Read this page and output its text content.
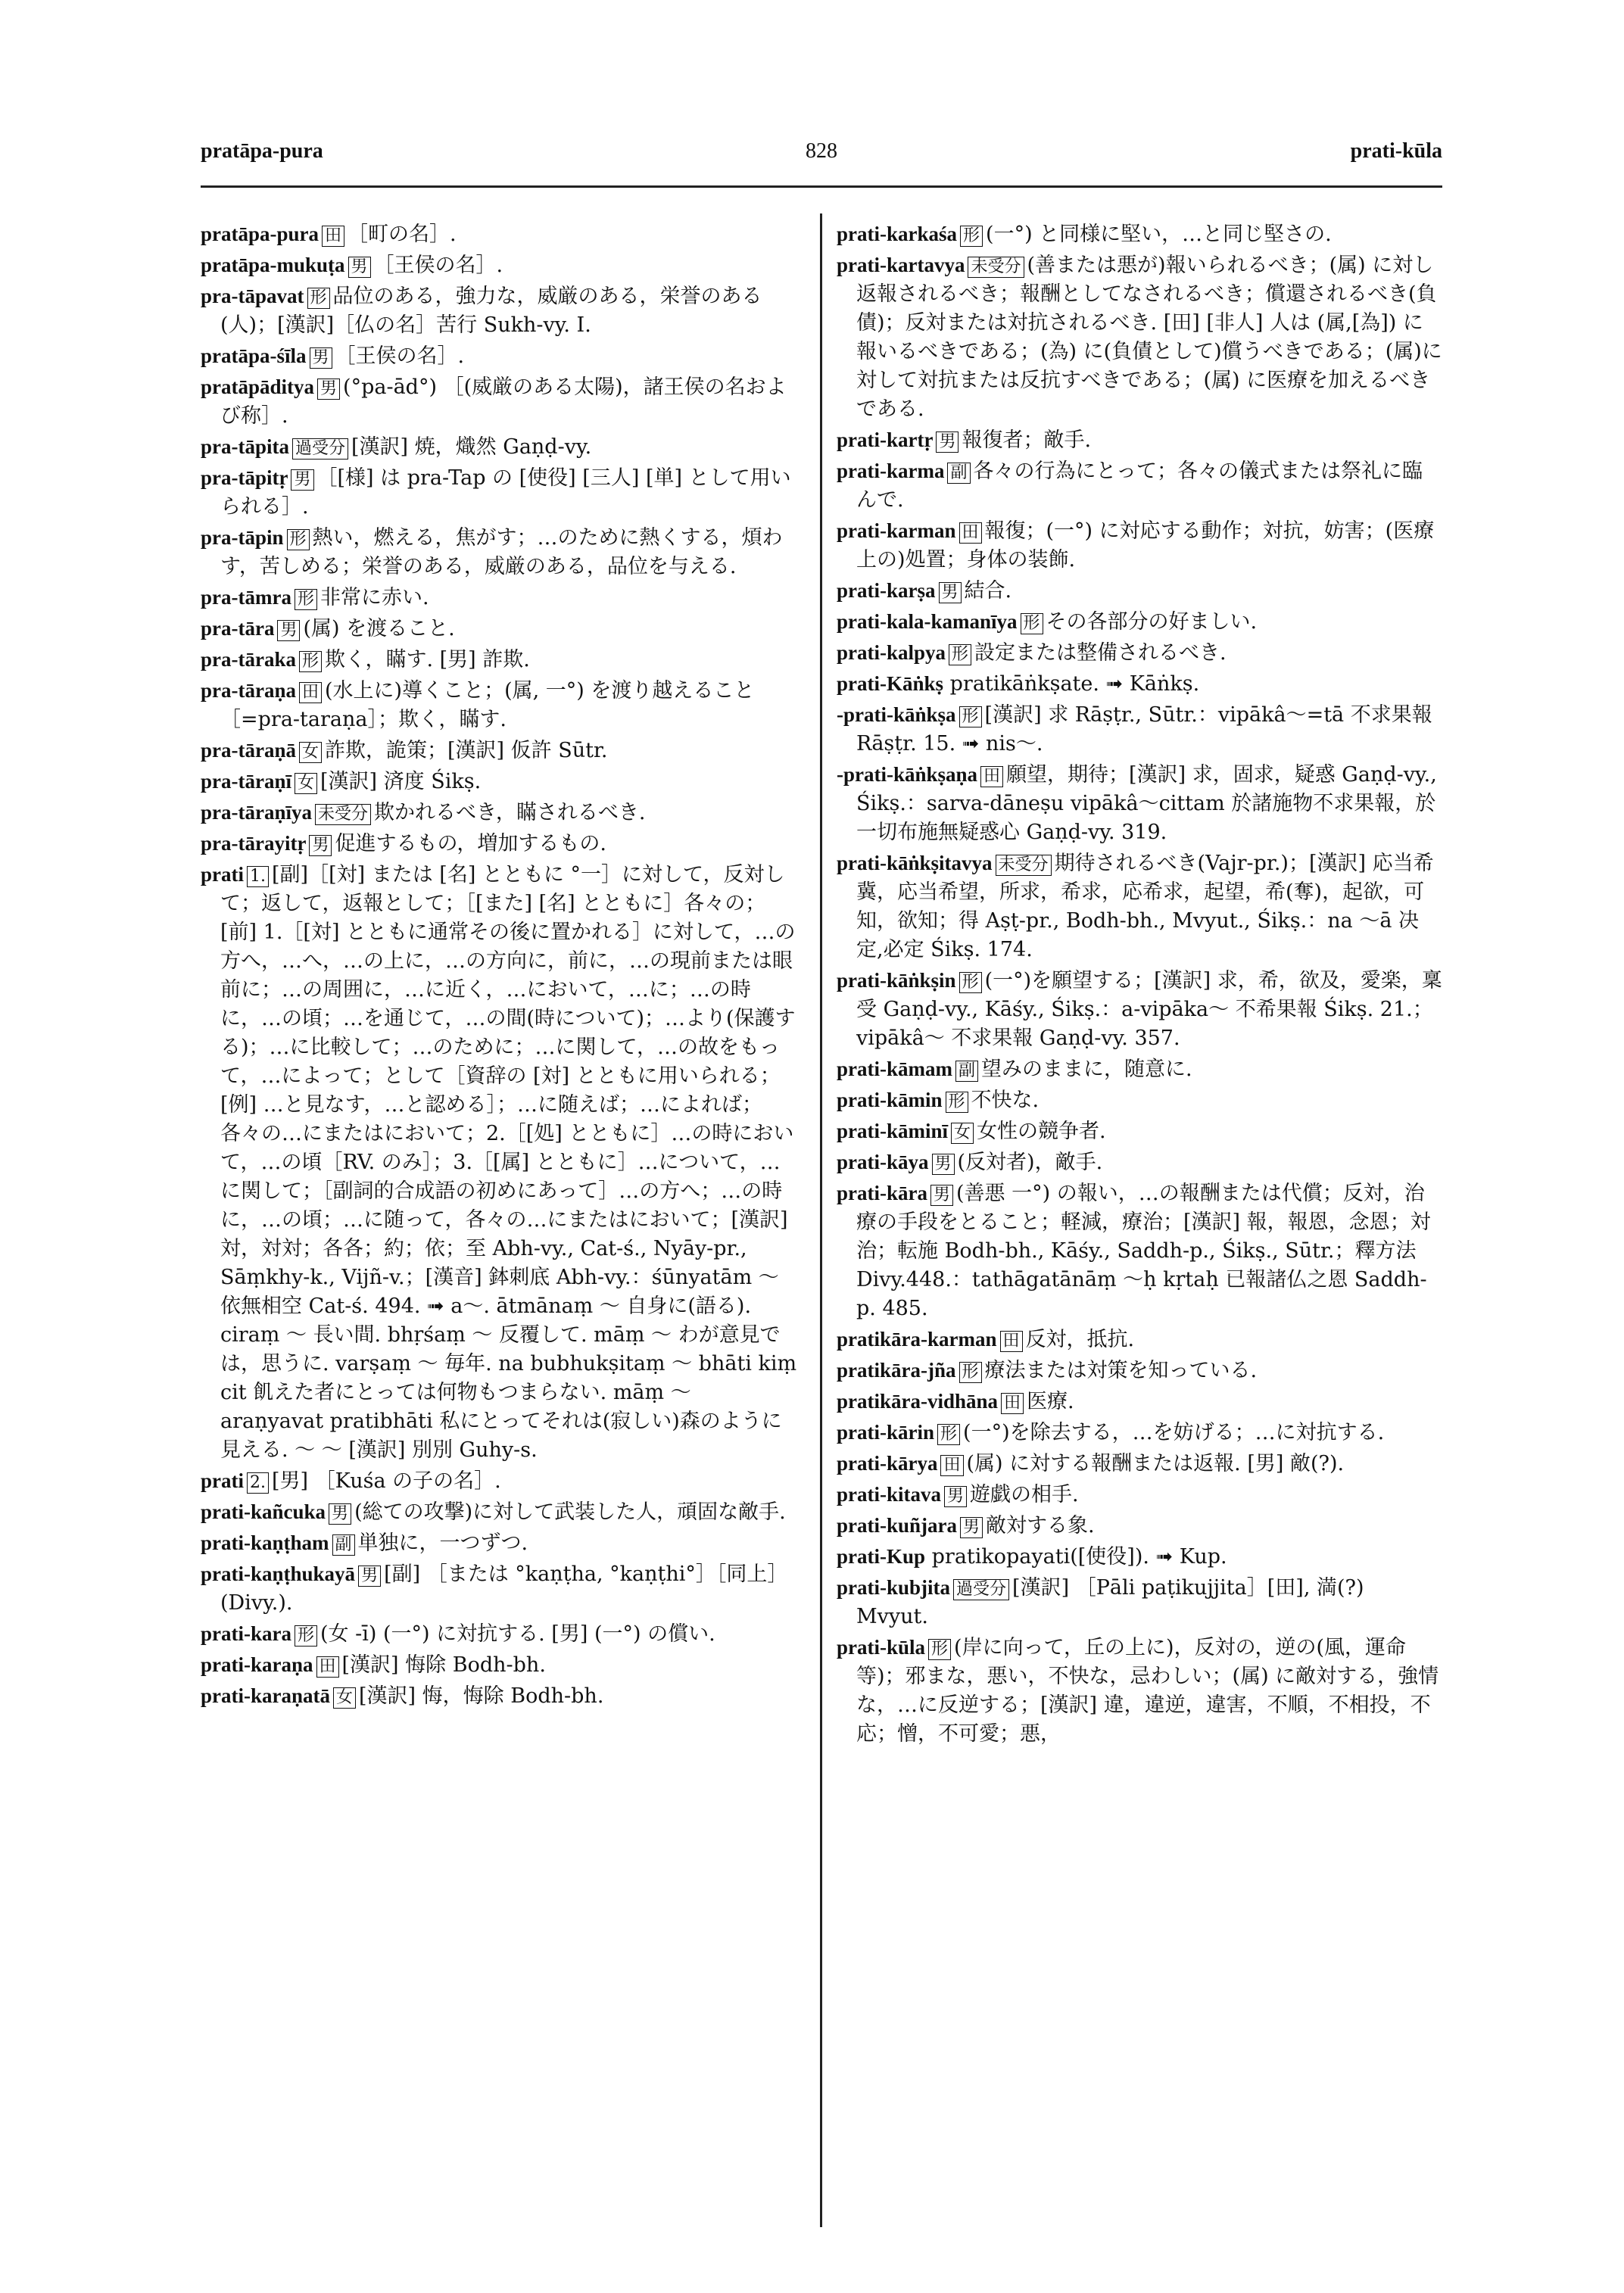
pratāpa-pura	828	prati-kūla
pratāpa-pura 田 ［町の名］.
pratāpa-mukuṭa 男 ［王侯の名］.
pra-tāpavat 形 品位のある，強力な，威厳のある，栄誉のある(人)；[漢訳]［仏の名］苦行 Sukh-vy. I.
pratāpa-śīla 男 ［王侯の名］.
pratāpāditya 男 (°pa-ād°) ［(威厳のある太陽)，諸王侯の名および称］.
pra-tāpita 過受分 [漢訳] 焼，熾然 Gaṇḍ-vy.
pra-tāpitṛ 男 ［[様] は pra-Tap の [使役] [三人] [単] として用いられる］.
pra-tāpin 形 熱い，燃える，焦がす；…のために熱くする，煩わす，苦しめる；栄誉のある，威厳のある，品位を与える.
pra-tāmra 形 非常に赤い.
pra-tāra 男 (属) を渡ること.
pra-tāraka 形 欺く，瞞す. [男] 詐欺.
pra-tāraṇa 田 (水上に)導くこと；(属, 一°) を渡り越えること［=pra-taraṇa］；欺く，瞞す.
pra-tāraṇā 女 詐欺，詭策；[漢訳] 仮許 Sūtr.
pra-tāraṇī 女 [漢訳] 済度 Śikṣ.
pra-tāraṇīya 未受分 欺かれるべき，瞞されるべき.
pra-tārayitṛ 男 促進するもの，増加するもの.
prati 1. [副]［[対] または [名] とともに °一］に対して，反対して；返して，返報として；［[また] [名] とともに］各々の；[前] 1.［[対] とともに通常その後に置かれる］に対して，…の方へ，…へ，…の上に，…の方向に，前に，…の現前または眼前に；…の周囲に，…に近く，…において，…に；…の時に，…の頃；…を通じて，…の間(時について)；…より(保護する)；…に比較して；…のために；…に関して，…の故をもって，…によって；として［資辞の [対] とともに用いられる；[例] …と見なす，…と認める］；…に随えば；…によれば；各々の…にまたはにおいて；2.［[処] とともに］…の時において，…の頃［RV. のみ］；3.［[属] とともに］…について，…に関して；［副詞的合成語の初めにあって］…の方へ；…の時に，…の頃；…に随って，各々の…にまたはにおいて；[漢訳] 対，対対；各各；約；依；至 Abh-vy., Cat-ś., Nyāy-pr., Sāṃkhy-k., Vijñ-v.；[漢音] 鉢刺底 Abh-vy.：śūnyatām ～ 依無相空 Cat-ś. 494. ➟ a～. ātmānaṃ ～ 自身に(語る). ciraṃ ～ 長い間. bhṛśaṃ ～ 反覆して. māṃ ～ わが意見では，思うに. varṣaṃ ～ 毎年. na bubhukṣitaṃ ～ bhāti kiṃ cit 飢えた者にとっては何物もつまらない. māṃ ～ araṇyavat pratibhāti 私にとってそれは(寂しい)森のように見える. ～ ～ [漢訳] 別別 Guhy-s.
prati 2. [男] ［Kuśa の子の名］.
prati-kañcuka 男 (総ての攻撃)に対して武装した人，頑固な敵手.
prati-kaṇṭham 副 単独に，一つずつ.
prati-kaṇṭhukayā 男 [副] ［または °kaṇṭha, °kaṇṭhi°］［同上］(Divy.).
prati-kara 形 (女 -ī) (一°) に対抗する. [男] (一°) の償い.
prati-karaṇa 田 [漢訳] 悔除 Bodh-bh.
prati-karaṇatā 女 [漢訳] 悔，悔除 Bodh-bh.
prati-karkaśa 形 (一°) と同様に堅い，…と同じ堅さの.
prati-kartavya 未受分 (善または悪が)報いられるべき；(属) に対し返報されるべき；報酬としてなされるべき；償還されるべき(負債)；反対または対抗されるべき. [田] [非人] 人は (属,[為]) に報いるべきである；(為) に(負債として)償うべきである；(属)に対して対抗または反抗すべきである；(属) に医療を加えるべきである.
prati-kartṛ 男 報復者；敵手.
prati-karma 副 各々の行為にとって；各々の儀式または祭礼に臨んで.
prati-karman 田 報復；(一°) に対応する動作；対抗，妨害；(医療上の)処置；身体の装飾.
prati-karṣa 男 結合.
prati-kala-kamanīya 形 その各部分の好ましい.
prati-kalpya 形 設定または整備されるべき.
prati-Kāṅkṣ pratikāṅkṣate. ➟ Kāṅkṣ.
-prati-kāṅkṣa 形 [漢訳] 求 Rāṣṭr., Sūtr.：vipākâ～=tā 不求果報 Rāṣṭr. 15. ➟ nis～.
-prati-kāṅkṣaṇa 田 願望，期待；[漢訳] 求，固求，疑惑 Gaṇḍ-vy., Śikṣ.：sarva-dāneṣu vipākâ～cittam 於諸施物不求果報，於一切布施無疑惑心 Gaṇḍ-vy. 319.
prati-kāṅkṣitavya 未受分 期待されるべき(Vajr-pr.)；[漢訳] 応当希冀，応当希望，所求，希求，応希求，起望，希(奪)，起欲，可知，欲知；得 Aṣṭ-pr., Bodh-bh., Mvyut., Śikṣ.：na ～ā 决定,必定 Śikṣ. 174.
prati-kāṅkṣin 形 (一°)を願望する；[漢訳] 求，希，欲及，愛楽，稟受 Gaṇḍ-vy., Kāśy., Śikṣ.：a-vipāka～ 不希果報 Śikṣ. 21.；vipākâ～ 不求果報 Gaṇḍ-vy. 357.
prati-kāmam 副 望みのままに，随意に.
prati-kāmin 形 不快な.
prati-kāminī 女 女性の競争者.
prati-kāya 男 (反対者)，敵手.
prati-kāra 男 (善悪 一°) の報い，…の報酬または代償；反対，治療の手段をとること；軽減，療治；[漢訳] 報，報恩，念恩；対治；転施 Bodh-bh., Kāśy., Saddh-p., Śikṣ., Sūtr.；釋方法 Divy.448.：tathāgatānāṃ ～ḥ kṛtaḥ 已報諸仏之恩 Saddh-p. 485.
pratikāra-karman 田 反対，抵抗.
pratikāra-jña 形 療法または対策を知っている.
pratikāra-vidhāna 田 医療.
prati-kārin 形 (一°)を除去する，…を妨げる；…に対抗する.
prati-kārya 田 (属) に対する報酬または返報. [男] 敵(?).
prati-kitava 男 遊戯の相手.
prati-kuñjara 男 敵対する象.
prati-Kup pratikopayati([使役]). ➟ Kup.
prati-kubjita 過受分 [漢訳] ［Pāli paṭikujjita］[田], 満(?) Mvyut.
prati-kūla 形 (岸に向って，丘の上に)，反対の，逆の(風，運命等)；邪まな，悪い，不快な，忌わしい；(属) に敵対する，強情な，…に反逆する；[漢訳] 違，違逆，違害，不順，不相投，不応；憎，不可愛；悪，
